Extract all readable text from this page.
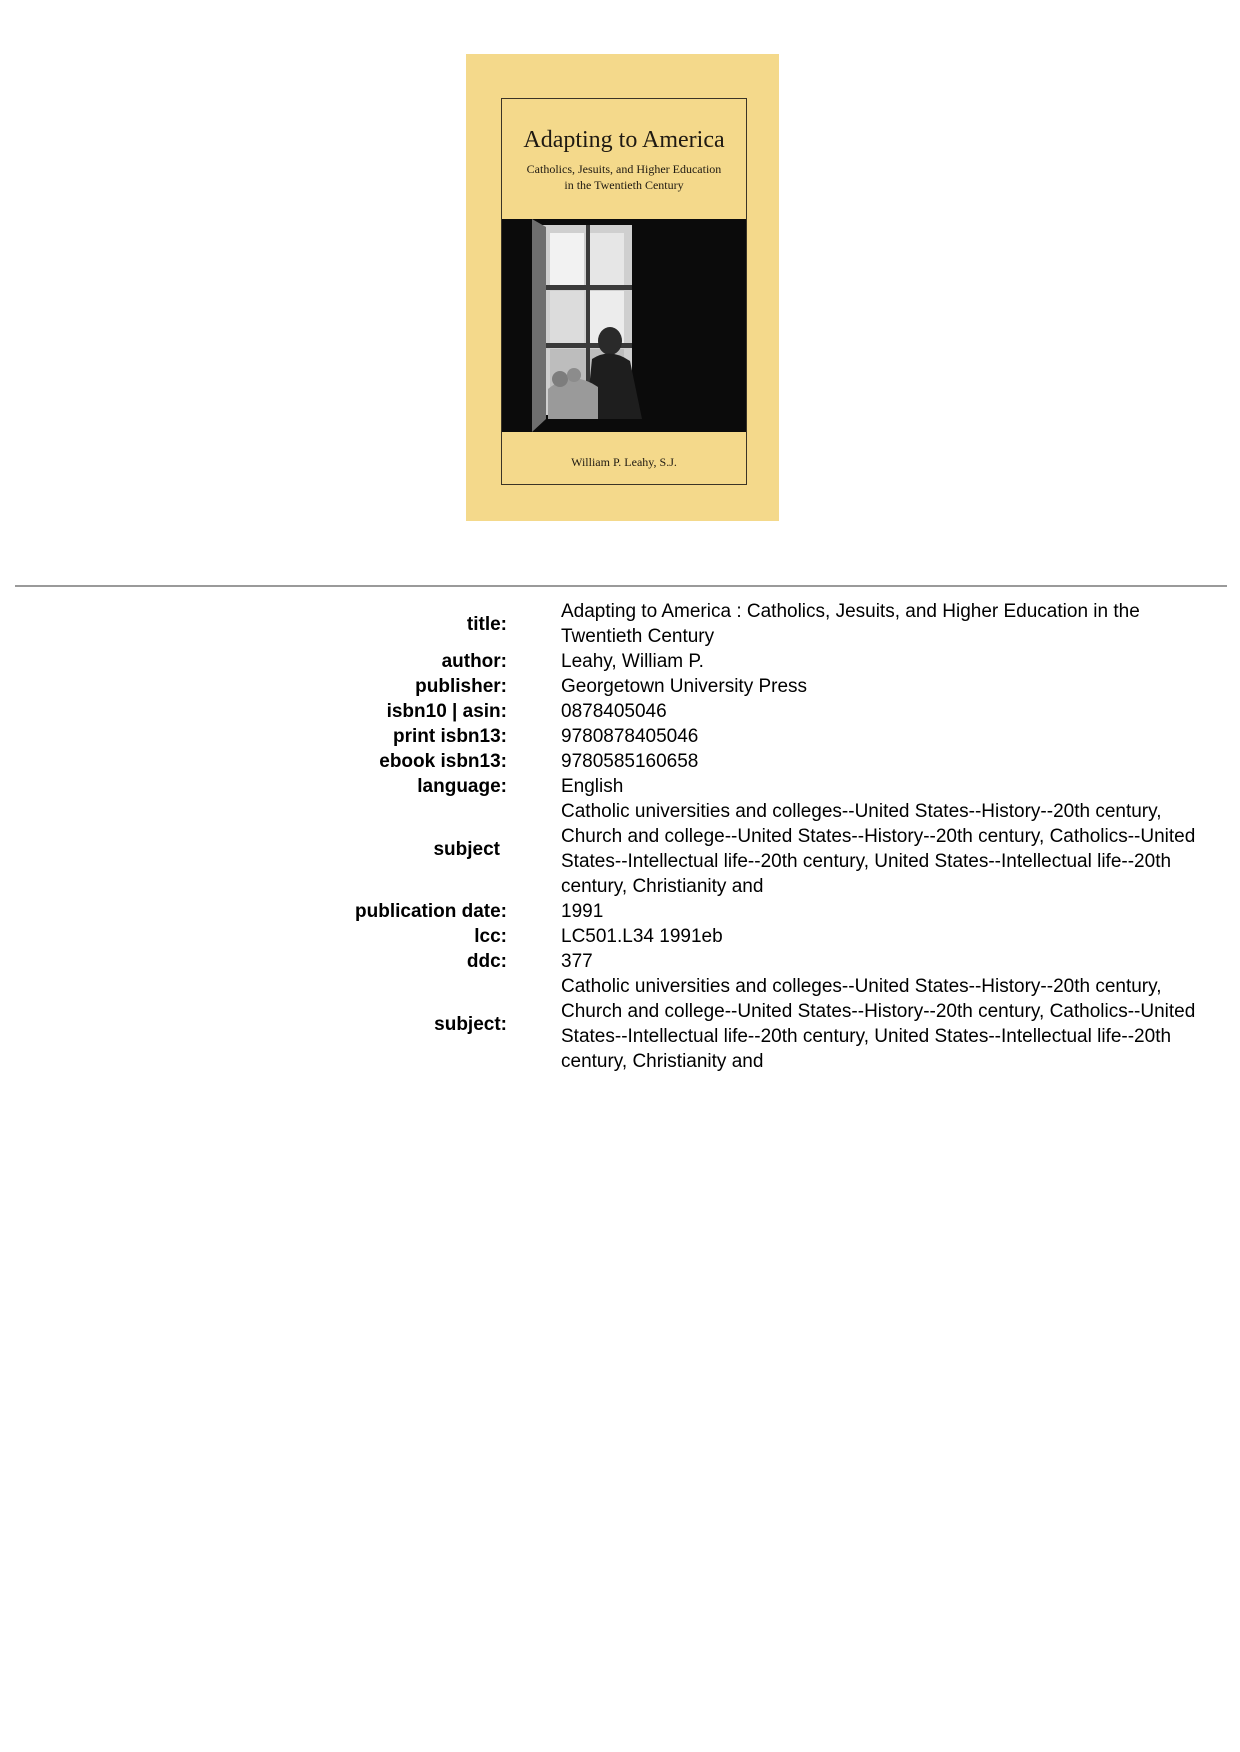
Adapting to America
Catholics, Jesuits, and Higher Education
in the Twentieth Century
William P. Leahy, S.J.
title:
Adapting to America : Catholics, Jesuits, and Higher Education in the Twentieth Century
author:	Leahy, William P.
publisher:	Georgetown University Press
isbn10 | asin:	0878405046
print isbn13:	9780878405046
ebook isbn13:	9780585160658
language:	English
subject
Catholic universities and colleges--United States--History--20th century, Church and college--United States--History--20th century, Catholics--United States--Intellectual life--20th century, United States--Intellectual life--20th century, Christianity and
publication date:	1991
lcc:	LC501.L34 1991eb
ddc:	377
subject:
Catholic universities and colleges--United States--History--20th century, Church and college--United States--History--20th century, Catholics--United States--Intellectual life--20th century, United States--Intellectual life--20th century, Christianity and
